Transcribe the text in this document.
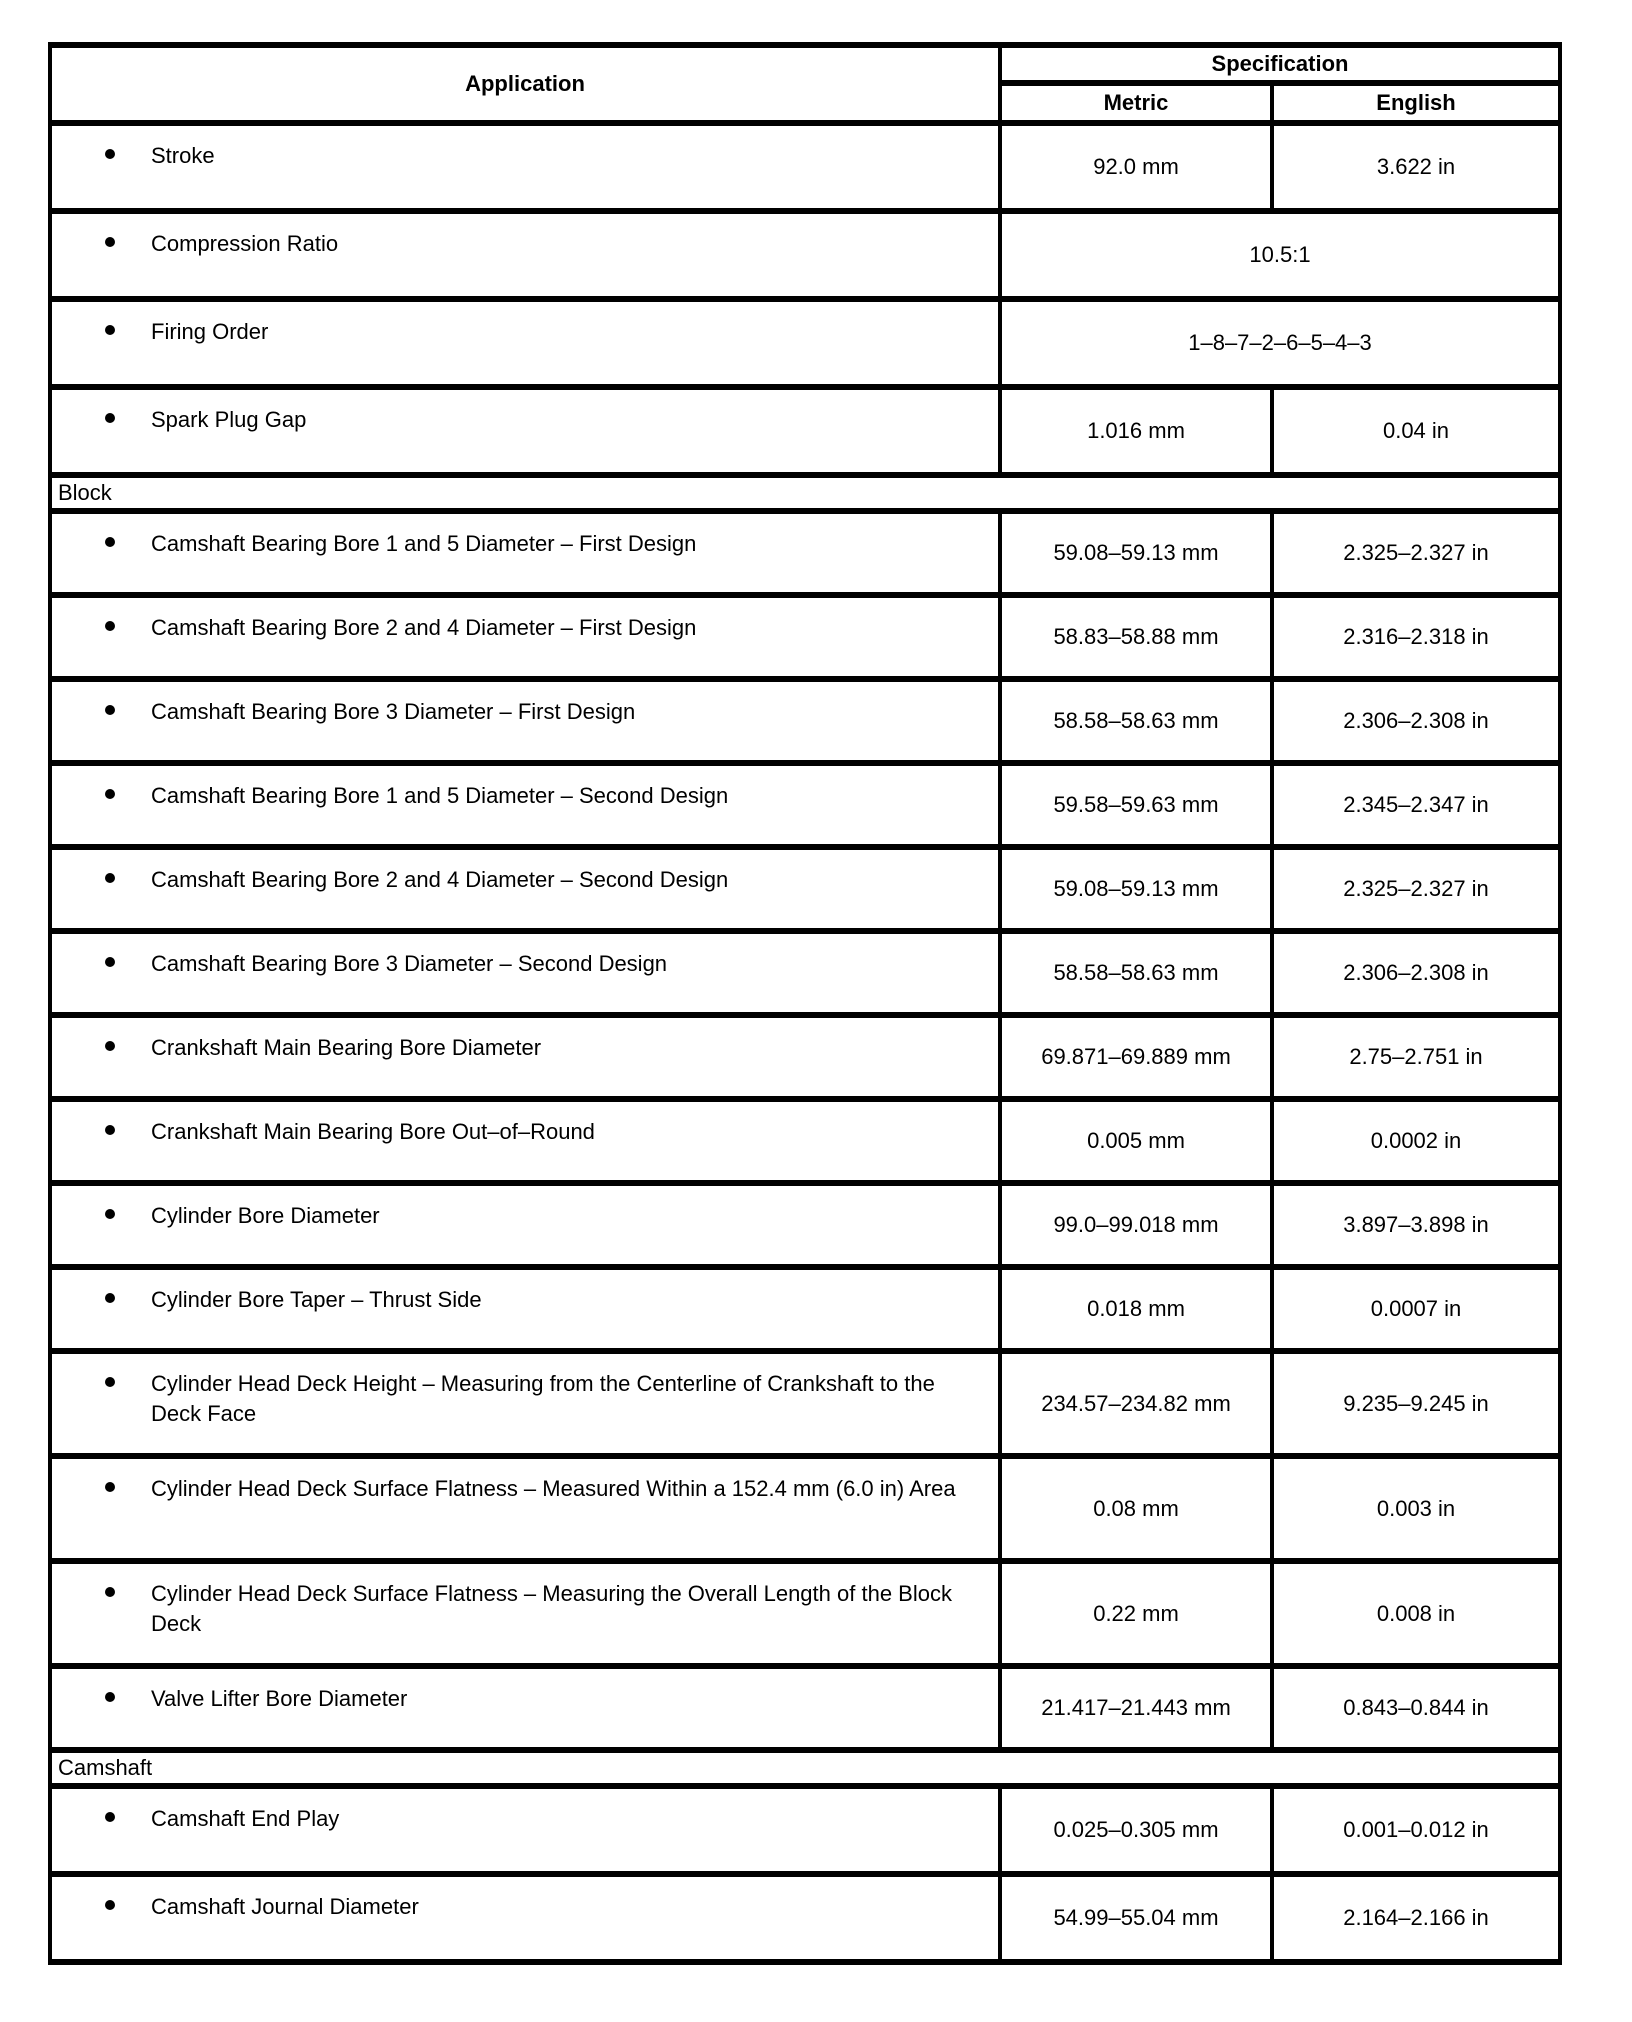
Application	Specification	
	Metric	English

Stroke	92.0 mm	3.622 in

Compression Ratio	10.5:1	

Firing Order	1–8–7–2–6–5–4–3	

Spark Plug Gap	1.016 mm	0.04 in
Block		

Camshaft Bearing Bore 1 and 5 Diameter – First Design	59.08–59.13 mm	2.325–2.327 in

Camshaft Bearing Bore 2 and 4 Diameter – First Design	58.83–58.88 mm	2.316–2.318 in

Camshaft Bearing Bore 3 Diameter – First Design	58.58–58.63 mm	2.306–2.308 in

Camshaft Bearing Bore 1 and 5 Diameter – Second Design	59.58–59.63 mm	2.345–2.347 in

Camshaft Bearing Bore 2 and 4 Diameter – Second Design	59.08–59.13 mm	2.325–2.327 in

Camshaft Bearing Bore 3 Diameter – Second Design	58.58–58.63 mm	2.306–2.308 in

Crankshaft Main Bearing Bore Diameter	69.871–69.889 mm	2.75–2.751 in

Crankshaft Main Bearing Bore Out–of–Round	0.005 mm	0.0002 in

Cylinder Bore Diameter	99.0–99.018 mm	3.897–3.898 in

Cylinder Bore Taper – Thrust Side	0.018 mm	0.0007 in

Cylinder Head Deck Height – Measuring from the Centerline of Crankshaft to the Deck Face	234.57–234.82 mm	9.235–9.245 in

Cylinder Head Deck Surface Flatness – Measured Within a 152.4 mm (6.0 in) Area	0.08 mm	0.003 in

Cylinder Head Deck Surface Flatness – Measuring the Overall Length of the Block Deck	0.22 mm	0.008 in

Valve Lifter Bore Diameter	21.417–21.443 mm	0.843–0.844 in
Camshaft		

Camshaft End Play	0.025–0.305 mm	0.001–0.012 in

Camshaft Journal Diameter	54.99–55.04 mm	2.164–2.166 in
